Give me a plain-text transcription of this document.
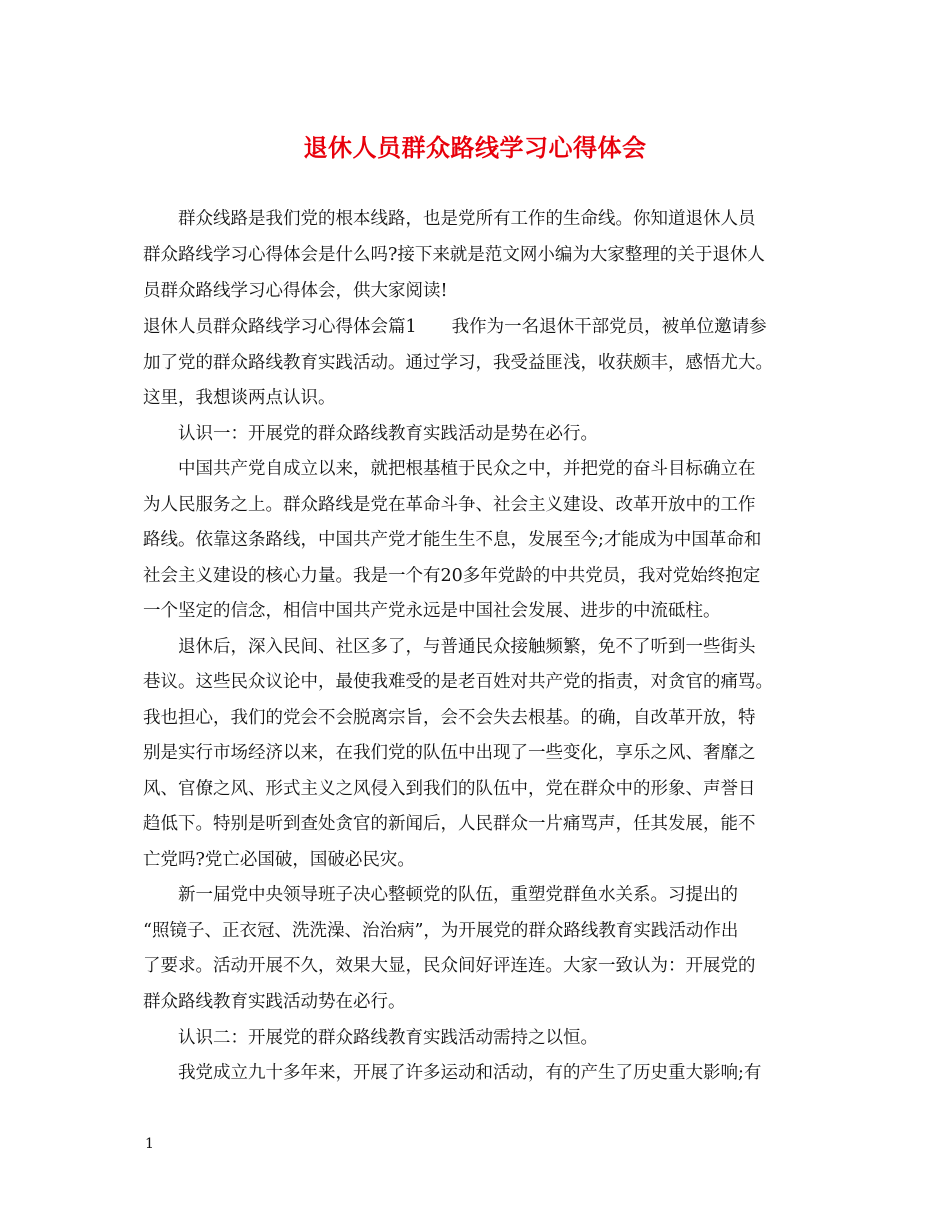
退休人员群众路线学习心得体会
群众线路是我们党的根本线路，也是党所有工作的生命线。你知道退休人员
群众路线学习心得体会是什么吗?接下来就是范文网小编为大家整理的关于退休人
员群众路线学习心得体会，供大家阅读!
退休人员群众路线学习心得体会篇1　　我作为一名退休干部党员，被单位邀请参
加了党的群众路线教育实践活动。通过学习，我受益匪浅，收获颇丰，感悟尤大。
这里，我想谈两点认识。
认识一：开展党的群众路线教育实践活动是势在必行。
中国共产党自成立以来，就把根基植于民众之中，并把党的奋斗目标确立在
为人民服务之上。群众路线是党在革命斗争、社会主义建设、改革开放中的工作
路线。依靠这条路线，中国共产党才能生生不息，发展至今;才能成为中国革命和
社会主义建设的核心力量。我是一个有20多年党龄的中共党员，我对党始终抱定
一个坚定的信念，相信中国共产党永远是中国社会发展、进步的中流砥柱。
退休后，深入民间、社区多了，与普通民众接触频繁，免不了听到一些街头
巷议。这些民众议论中，最使我难受的是老百姓对共产党的指责，对贪官的痛骂。
我也担心，我们的党会不会脱离宗旨，会不会失去根基。的确，自改革开放，特
别是实行市场经济以来，在我们党的队伍中出现了一些变化，享乐之风、奢靡之
风、官僚之风、形式主义之风侵入到我们的队伍中，党在群众中的形象、声誉日
趋低下。特别是听到查处贪官的新闻后，人民群众一片痛骂声，任其发展，能不
亡党吗?党亡必国破，国破必民灾。
新一届党中央领导班子决心整顿党的队伍，重塑党群鱼水关系。习提出的
“照镜子、正衣冠、洗洗澡、治治病”，为开展党的群众路线教育实践活动作出
了要求。活动开展不久，效果大显，民众间好评连连。大家一致认为：开展党的
群众路线教育实践活动势在必行。
认识二：开展党的群众路线教育实践活动需持之以恒。
我党成立九十多年来，开展了许多运动和活动，有的产生了历史重大影响;有
1
